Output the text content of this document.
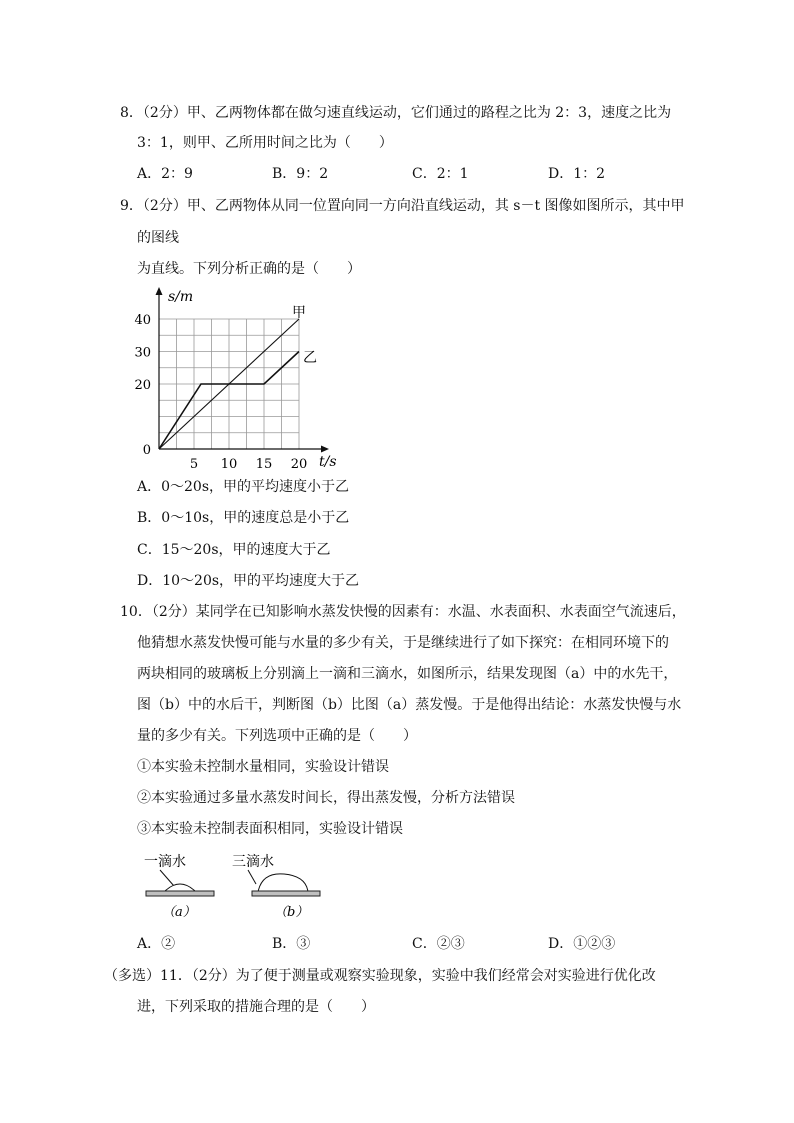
8．（2分）甲、乙两物体都在做匀速直线运动，它们通过的路程之比为 2：3，速度之比为
3：1，则甲、乙所用时间之比为（　　）
A．2：9	B．9：2	C．2：1	D．1：2
9．（2分）甲、乙两物体从同一位置向同一方向沿直线运动，其 s－t 图像如图所示，其中甲
的图线
为直线。下列分析正确的是（　　）
5 10 15 20
0
20
30
40
s/m
t/s
甲
乙
A．0～20s，甲的平均速度小于乙
B．0～10s，甲的速度总是小于乙
C．15～20s，甲的速度大于乙
D．10～20s，甲的平均速度大于乙
10．（2分）某同学在已知影响水蒸发快慢的因素有：水温、水表面积、水表面空气流速后，
他猜想水蒸发快慢可能与水量的多少有关，于是继续进行了如下探究：在相同环境下的
两块相同的玻璃板上分别滴上一滴和三滴水，如图所示，结果发现图（a）中的水先干，
图（b）中的水后干，判断图（b）比图（a）蒸发慢。于是他得出结论：水蒸发快慢与水
量的多少有关。下列选项中正确的是（　　）
①本实验未控制水量相同，实验设计错误
②本实验通过多量水蒸发时间长，得出蒸发慢，分析方法错误
③本实验未控制表面积相同，实验设计错误
一滴水
（a）
三滴水
（b）
A．②	B．③	C．②③	D．①②③
（多选）11．（2分）为了便于测量或观察实验现象，实验中我们经常会对实验进行优化改
进，下列采取的措施合理的是（　　）
